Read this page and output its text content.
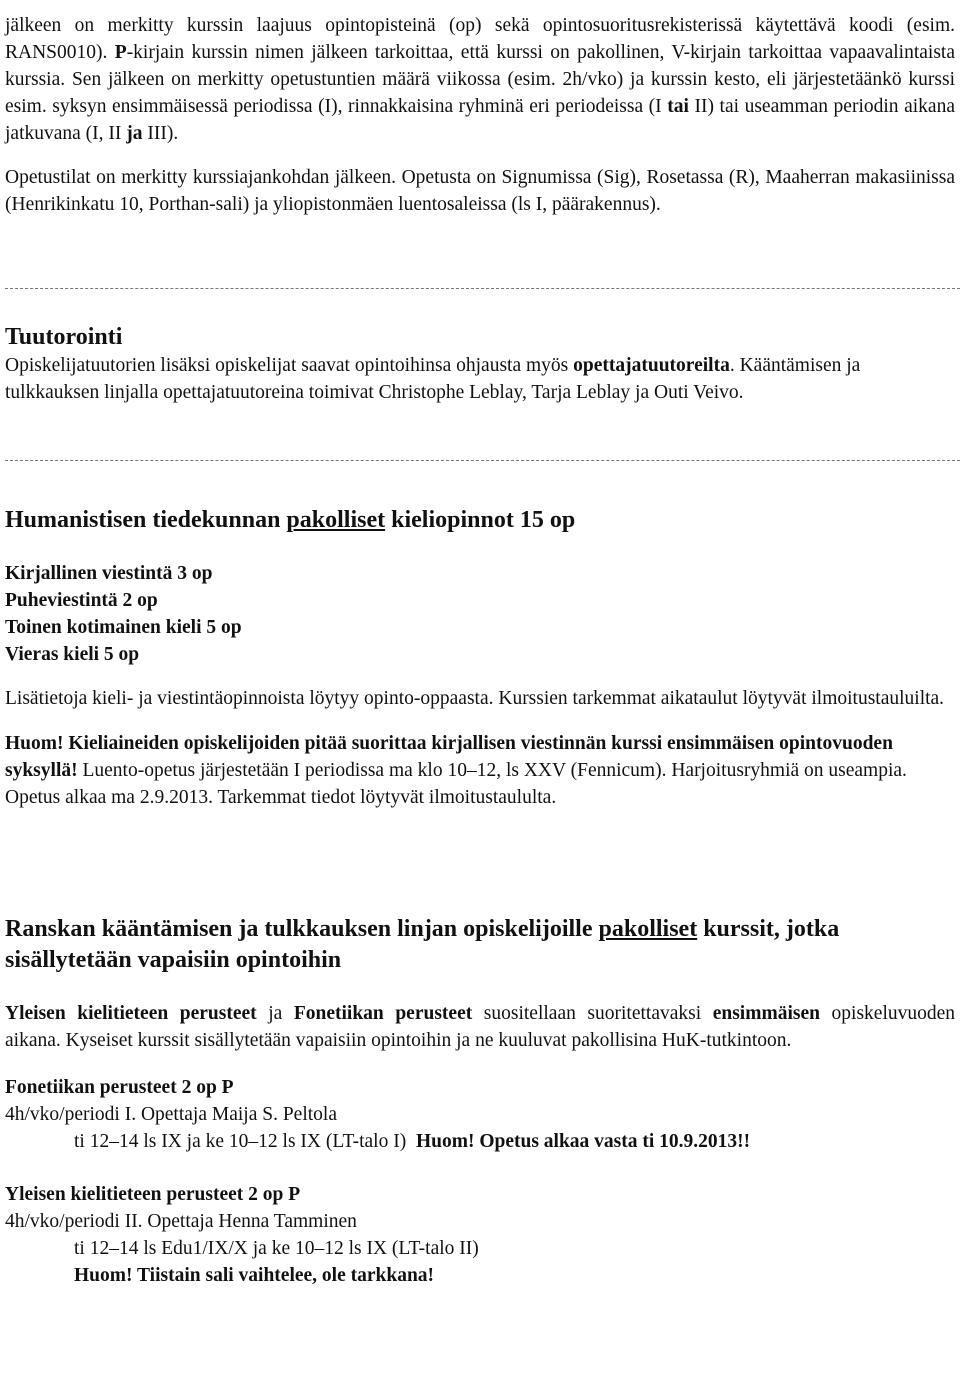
jälkeen on merkitty kurssin laajuus opintopisteinä (op) sekä opintosuoritusrekisterissä käytettävä koodi (esim. RANS0010). P-kirjain kurssin nimen jälkeen tarkoittaa, että kurssi on pakollinen, V-kirjain tarkoittaa vapaavalintaista kurssia. Sen jälkeen on merkitty opetustuntien määrä viikossa (esim. 2h/vko) ja kurssin kesto, eli järjestetäänkö kurssi esim. syksyn ensimmäisessä periodissa (I), rinnakkaisina ryhminä eri periodeissa (I tai II) tai useamman periodin aikana jatkuvana (I, II ja III).

Opetustilat on merkitty kurssiajankohdan jälkeen. Opetusta on Signumissa (Sig), Rosetassa (R), Maaherran makasiinissa (Henrikinkatu 10, Porthan-sali) ja yliopistonmäen luentosaleissa (ls I, päärakennus).

Tuutorointi

Opiskelijatuutorien lisäksi opiskelijat saavat opintoihinsa ohjausta myös opettajatuutoreilta. Kääntämisen ja tulkkauksen linjalla opettajatuutoreina toimivat Christophe Leblay, Tarja Leblay ja Outi Veivo.

Humanistisen tiedekunnan pakolliset kieliopinnot 15 op

Kirjallinen viestintä 3 op

Puheviestintä 2 op

Toinen kotimainen kieli 5 op

Vieras kieli 5 op

Lisätietoja kieli- ja viestintäopinnoista löytyy opinto-oppaasta. Kurssien tarkemmat aikataulut löytyvät ilmoitustauluilta.

Huom! Kieliaineiden opiskelijoiden pitää suorittaa kirjallisen viestinnän kurssi ensimmäisen opintovuoden syksyllä! Luento-opetus järjestetään I periodissa ma klo 10–12, ls XXV (Fennicum). Harjoitusryhmiä on useampia. Opetus alkaa ma 2.9.2013. Tarkemmat tiedot löytyvät ilmoitustaululta.

Ranskan kääntämisen ja tulkkauksen linjan opiskelijoille pakolliset kurssit, jotka sisällytetään vapaisiin opintoihin

Yleisen kielitieteen perusteet ja Fonetiikan perusteet suositellaan suoritettavaksi ensimmäisen opiskeluvuoden aikana. Kyseiset kurssit sisällytetään vapaisiin opintoihin ja ne kuuluvat pakollisina HuK-tutkintoon.

Fonetiikan perusteet 2 op P

4h/vko/periodi I. Opettaja Maija S. Peltola

ti 12–14 ls IX ja ke 10–12 ls IX (LT-talo I) Huom! Opetus alkaa vasta ti 10.9.2013!!

Yleisen kielitieteen perusteet 2 op P

4h/vko/periodi II. Opettaja Henna Tamminen

ti 12–14 ls Edu1/IX/X ja ke 10–12 ls IX (LT-talo II)

Huom! Tiistain sali vaihtelee, ole tarkkana!
